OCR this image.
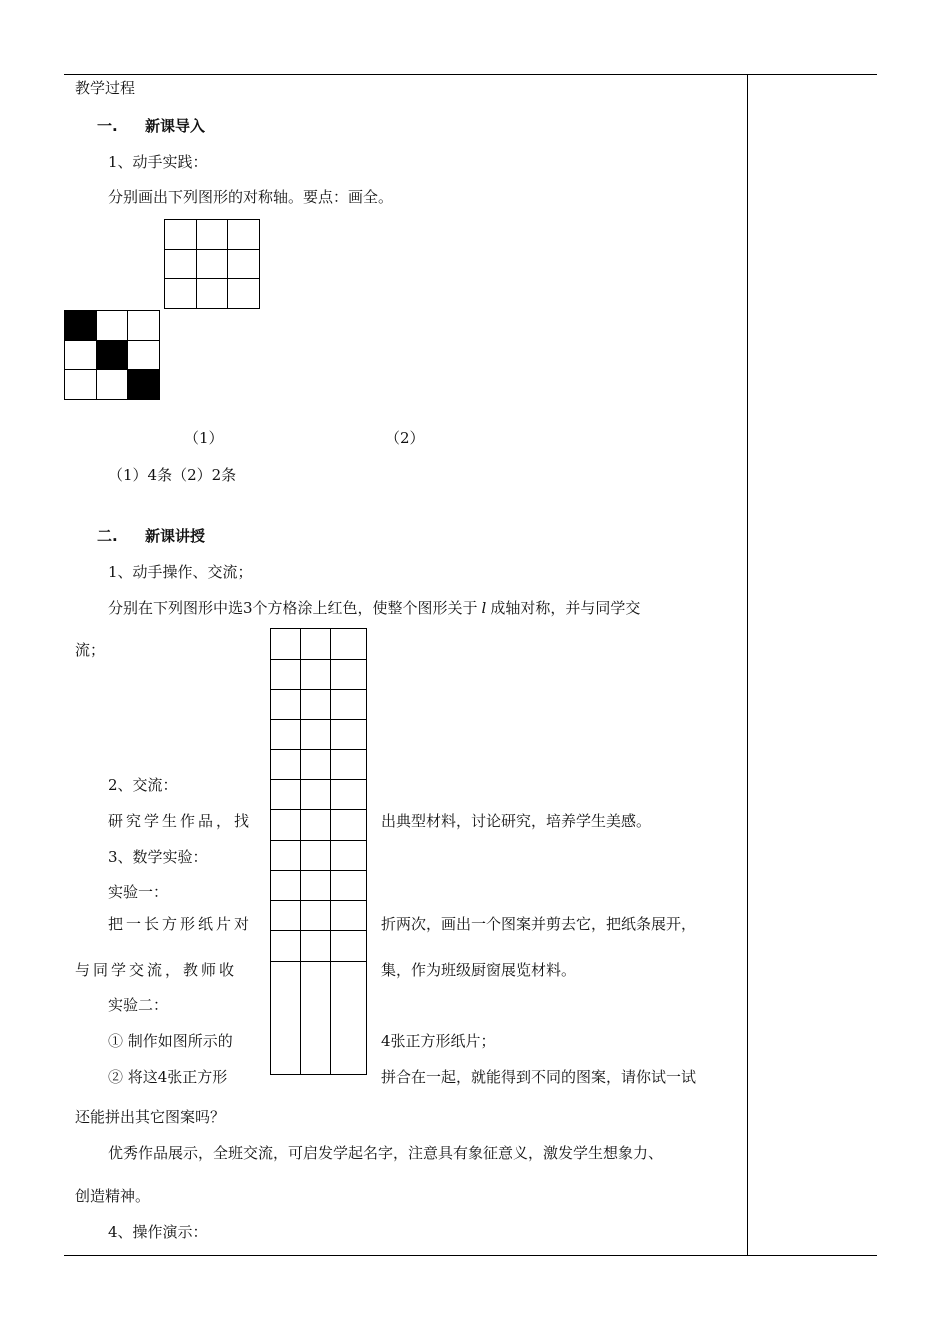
教学过程
一. 新课导入
1、动手实践：
分别画出下列图形的对称轴。要点：画全。
（1）	（2）
（1）4条（2）2条
二. 新课讲授
1、动手操作、交流；
分别在下列图形中选3个方格涂上红色，使整个图形关于 l 成轴对称，并与同学交
流；
2、交流：
研究学生作品，找	出典型材料，讨论研究，培养学生美感。
3、数学实验：
实验一：
把一长方形纸片对	折两次，画出一个图案并剪去它，把纸条展开，
与同学交流，教师收	集，作为班级厨窗展览材料。
实验二：
① 制作如图所示的	4张正方形纸片；
② 将这4张正方形	拼合在一起，就能得到不同的图案，请你试一试
还能拼出其它图案吗？
优秀作品展示，全班交流，可启发学起名字，注意具有象征意义，激发学生想象力、
创造精神。
4、操作演示：
